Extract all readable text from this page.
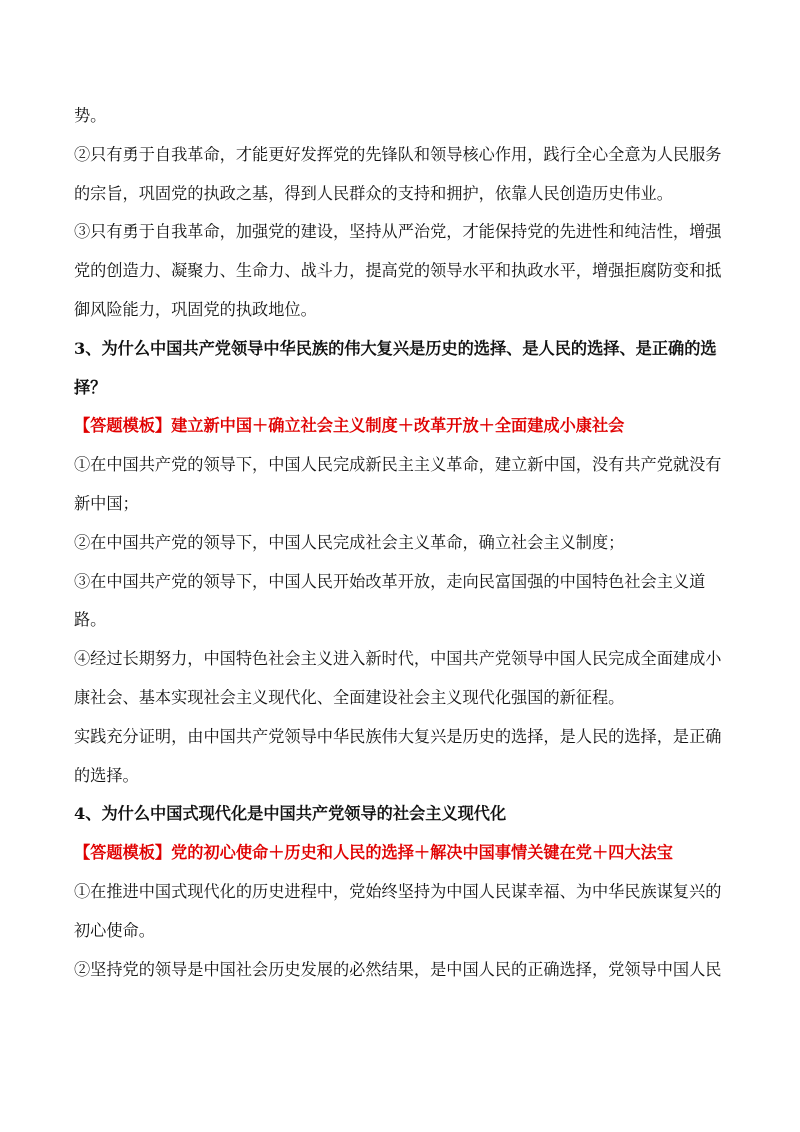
势。
②只有勇于自我革命，才能更好发挥党的先锋队和领导核心作用，践行全心全意为人民服务
的宗旨，巩固党的执政之基，得到人民群众的支持和拥护，依靠人民创造历史伟业。
③只有勇于自我革命，加强党的建设，坚持从严治党，才能保持党的先进性和纯洁性，增强
党的创造力、凝聚力、生命力、战斗力，提高党的领导水平和执政水平，增强拒腐防变和抵
御风险能力，巩固党的执政地位。
3、为什么中国共产党领导中华民族的伟大复兴是历史的选择、是人民的选择、是正确的选
择？
【答题模板】建立新中国＋确立社会主义制度＋改革开放＋全面建成小康社会
①在中国共产党的领导下，中国人民完成新民主主义革命，建立新中国，没有共产党就没有
新中国；
②在中国共产党的领导下，中国人民完成社会主义革命，确立社会主义制度；
③在中国共产党的领导下，中国人民开始改革开放，走向民富国强的中国特色社会主义道
路。
④经过长期努力，中国特色社会主义进入新时代，中国共产党领导中国人民完成全面建成小
康社会、基本实现社会主义现代化、全面建设社会主义现代化强国的新征程。
实践充分证明，由中国共产党领导中华民族伟大复兴是历史的选择，是人民的选择，是正确
的选择。
4、为什么中国式现代化是中国共产党领导的社会主义现代化
【答题模板】党的初心使命＋历史和人民的选择＋解决中国事情关键在党＋四大法宝
①在推进中国式现代化的历史进程中，党始终坚持为中国人民谋幸福、为中华民族谋复兴的
初心使命。
②坚持党的领导是中国社会历史发展的必然结果，是中国人民的正确选择，党领导中国人民
